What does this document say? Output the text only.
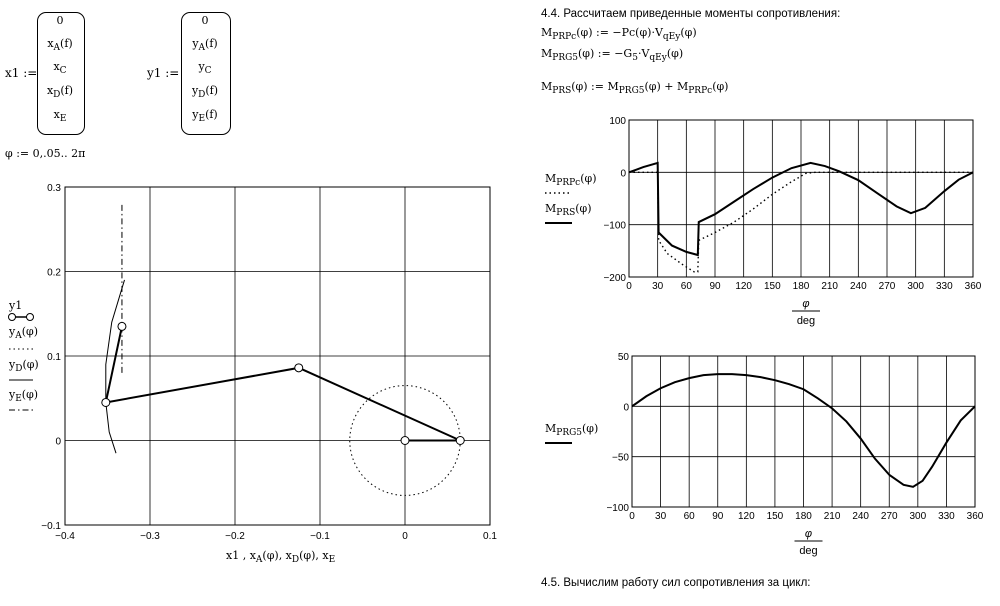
x1 :=
0
$x_A(f)$
$x_C$
$x_D(f)$
$x_E$
y1 :=
0
$y_A(f)$
$y_C$
$y_D(f)$
$y_E(f)$
φ := 0,.05.. 2π
4.4. Рассчитаем приведенные моменты сопротивления:
$M_{PRPc}(\varphi)$ := $-Pc(\varphi)\cdot V_{qEy}(\varphi)$
$M_{PRG5}(\varphi)$ := $-G_5\cdot V_{qEy}(\varphi)$
$M_{PRS}(\varphi)$ := $M_{PRG5}(\varphi) + M_{PRPc}(\varphi)$
4.5. Вычислим работу сил сопротивления за цикл:
y1
$y_A(\varphi)$
$y_D(\varphi)$
$y_E(\varphi)$
$M_{PRPc}(\varphi)$
$M_{PRS}(\varphi)$
$M_{PRG5}(\varphi)$
x1 , $x_A(\varphi)$, $x_D(\varphi)$, $x_E$
−0.4	−0.3	−0.2	−0.1	0	0.1
−0.1
0
0.1
0.2
0.3
0 30 60 90 120 150 180 210 240 270 300 330 360
−200
−100
0
100
φ
deg
0 30 60 90 120 150 180 210 240 270 300 330 360
−100
−50
0
50
φ
deg
